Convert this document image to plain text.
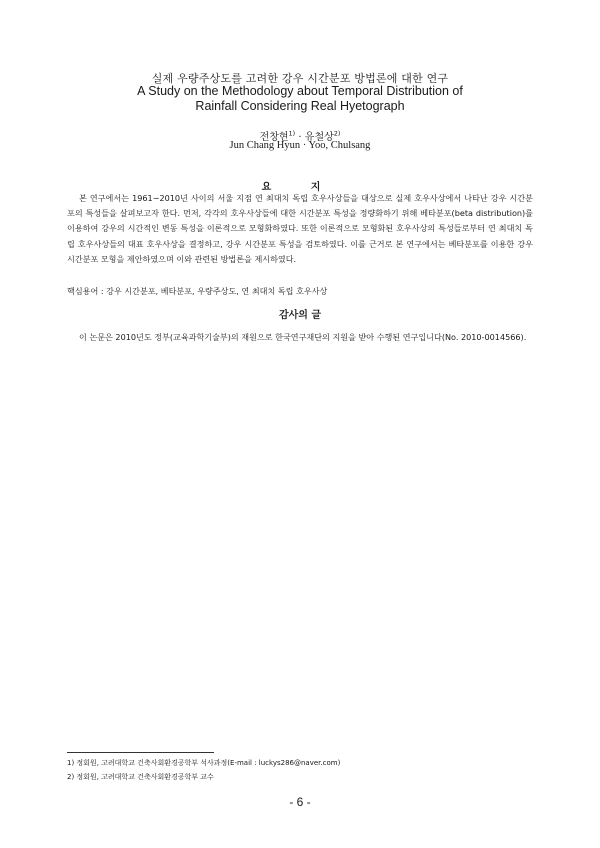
실제 우량주상도를 고려한 강우 시간분포 방법론에 대한 연구
A Study on the Methodology about Temporal Distribution of
Rainfall Considering Real Hyetograph
전창현$^{1)}$ · 유철상$^{2)}$
Jun Chang Hyun · Yoo, Chulsang
요 지
본 연구에서는 1961∼2010년 사이의 서울 지점 연 최대치 독립 호우사상들을 대상으로 실제 호우사상에서 나타난 강우 시간분포의 특성들을 살펴보고자 한다. 먼저, 각각의 호우사상들에 대한 시간분포 특성을 정량화하기 위해 베타분포(beta distribution)를 이용하여 강우의 시간적인 변동 특성을 이론적으로 모형화하였다. 또한 이론적으로 모형화된 호우사상의 특성들로부터 연 최대치 독립 호우사상들의 대표 호우사상을 결정하고, 강우 시간분포 특성을 검토하였다. 이를 근거로 본 연구에서는 베타분포를 이용한 강우 시간분포 모형을 제안하였으며 이와 관련된 방법론을 제시하였다.
핵심용어 : 강우 시간분포, 베타분포, 우량주상도, 연 최대치 독립 호우사상
감사의 글
이 논문은 2010년도 정부(교육과학기술부)의 재원으로 한국연구재단의 지원을 받아 수행된 연구입니다(No. 2010-0014566).
1) 정회원, 고려대학교 건축사회환경공학부 석사과정(E-mail : luckys286@naver.com)
2) 정회원, 고려대학교 건축사회환경공학부 교수
- 6 -
